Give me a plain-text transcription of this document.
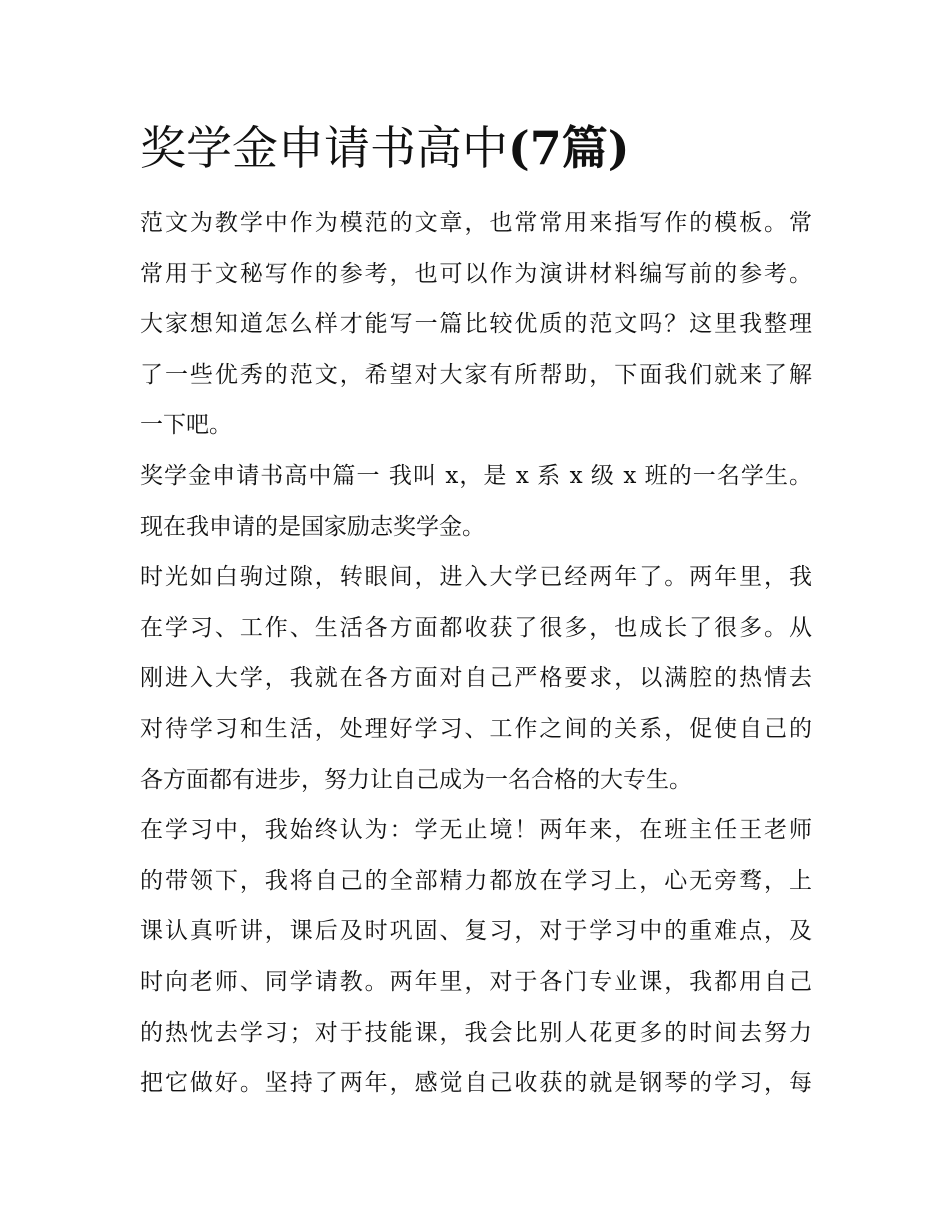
奖学金申请书高中(7篇)

范文为教学中作为模范的文章，也常常用来指写作的模板。常
常用于文秘写作的参考，也可以作为演讲材料编写前的参考。
大家想知道怎么样才能写一篇比较优质的范文吗？这里我整理
了一些优秀的范文，希望对大家有所帮助，下面我们就来了解
一下吧。

奖学金申请书高中篇一 我叫 x，是 x 系 x 级 x 班的一名学生。
现在我申请的是国家励志奖学金。

时光如白驹过隙，转眼间，进入大学已经两年了。两年里，我
在学习、工作、生活各方面都收获了很多，也成长了很多。从
刚进入大学，我就在各方面对自己严格要求，以满腔的热情去
对待学习和生活，处理好学习、工作之间的关系，促使自己的
各方面都有进步，努力让自己成为一名合格的大专生。

在学习中，我始终认为：学无止境！两年来，在班主任王老师
的带领下，我将自己的全部精力都放在学习上，心无旁骛，上
课认真听讲，课后及时巩固、复习，对于学习中的重难点，及
时向老师、同学请教。两年里，对于各门专业课，我都用自己
的热忱去学习；对于技能课，我会比别人花更多的时间去努力
把它做好。坚持了两年，感觉自己收获的就是钢琴的学习，每
